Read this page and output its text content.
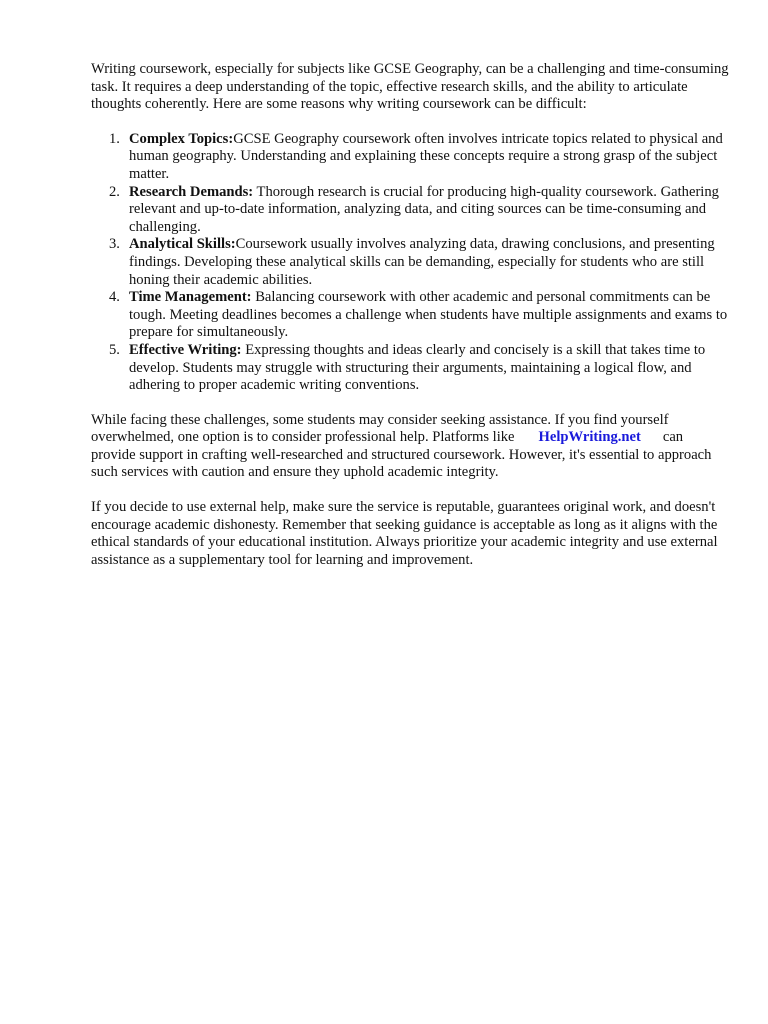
Writing coursework, especially for subjects like GCSE Geography, can be a challenging and time-consuming task. It requires a deep understanding of the topic, effective research skills, and the ability to articulate thoughts coherently. Here are some reasons why writing coursework can be difficult:

1. Complex Topics:GCSE Geography coursework often involves intricate topics related to physical and human geography. Understanding and explaining these concepts require a strong grasp of the subject matter.
2. Research Demands: Thorough research is crucial for producing high-quality coursework. Gathering relevant and up-to-date information, analyzing data, and citing sources can be time-consuming and challenging.
3. Analytical Skills:Coursework usually involves analyzing data, drawing conclusions, and presenting findings. Developing these analytical skills can be demanding, especially for students who are still honing their academic abilities.
4. Time Management: Balancing coursework with other academic and personal commitments can be tough. Meeting deadlines becomes a challenge when students have multiple assignments and exams to prepare for simultaneously.
5. Effective Writing: Expressing thoughts and ideas clearly and concisely is a skill that takes time to develop. Students may struggle with structuring their arguments, maintaining a logical flow, and adhering to proper academic writing conventions.

While facing these challenges, some students may consider seeking assistance. If you find yourself overwhelmed, one option is to consider professional help. Platforms like HelpWriting.net can provide support in crafting well-researched and structured coursework. However, it's essential to approach such services with caution and ensure they uphold academic integrity.

If you decide to use external help, make sure the service is reputable, guarantees original work, and doesn't encourage academic dishonesty. Remember that seeking guidance is acceptable as long as it aligns with the ethical standards of your educational institution. Always prioritize your academic integrity and use external assistance as a supplementary tool for learning and improvement.
